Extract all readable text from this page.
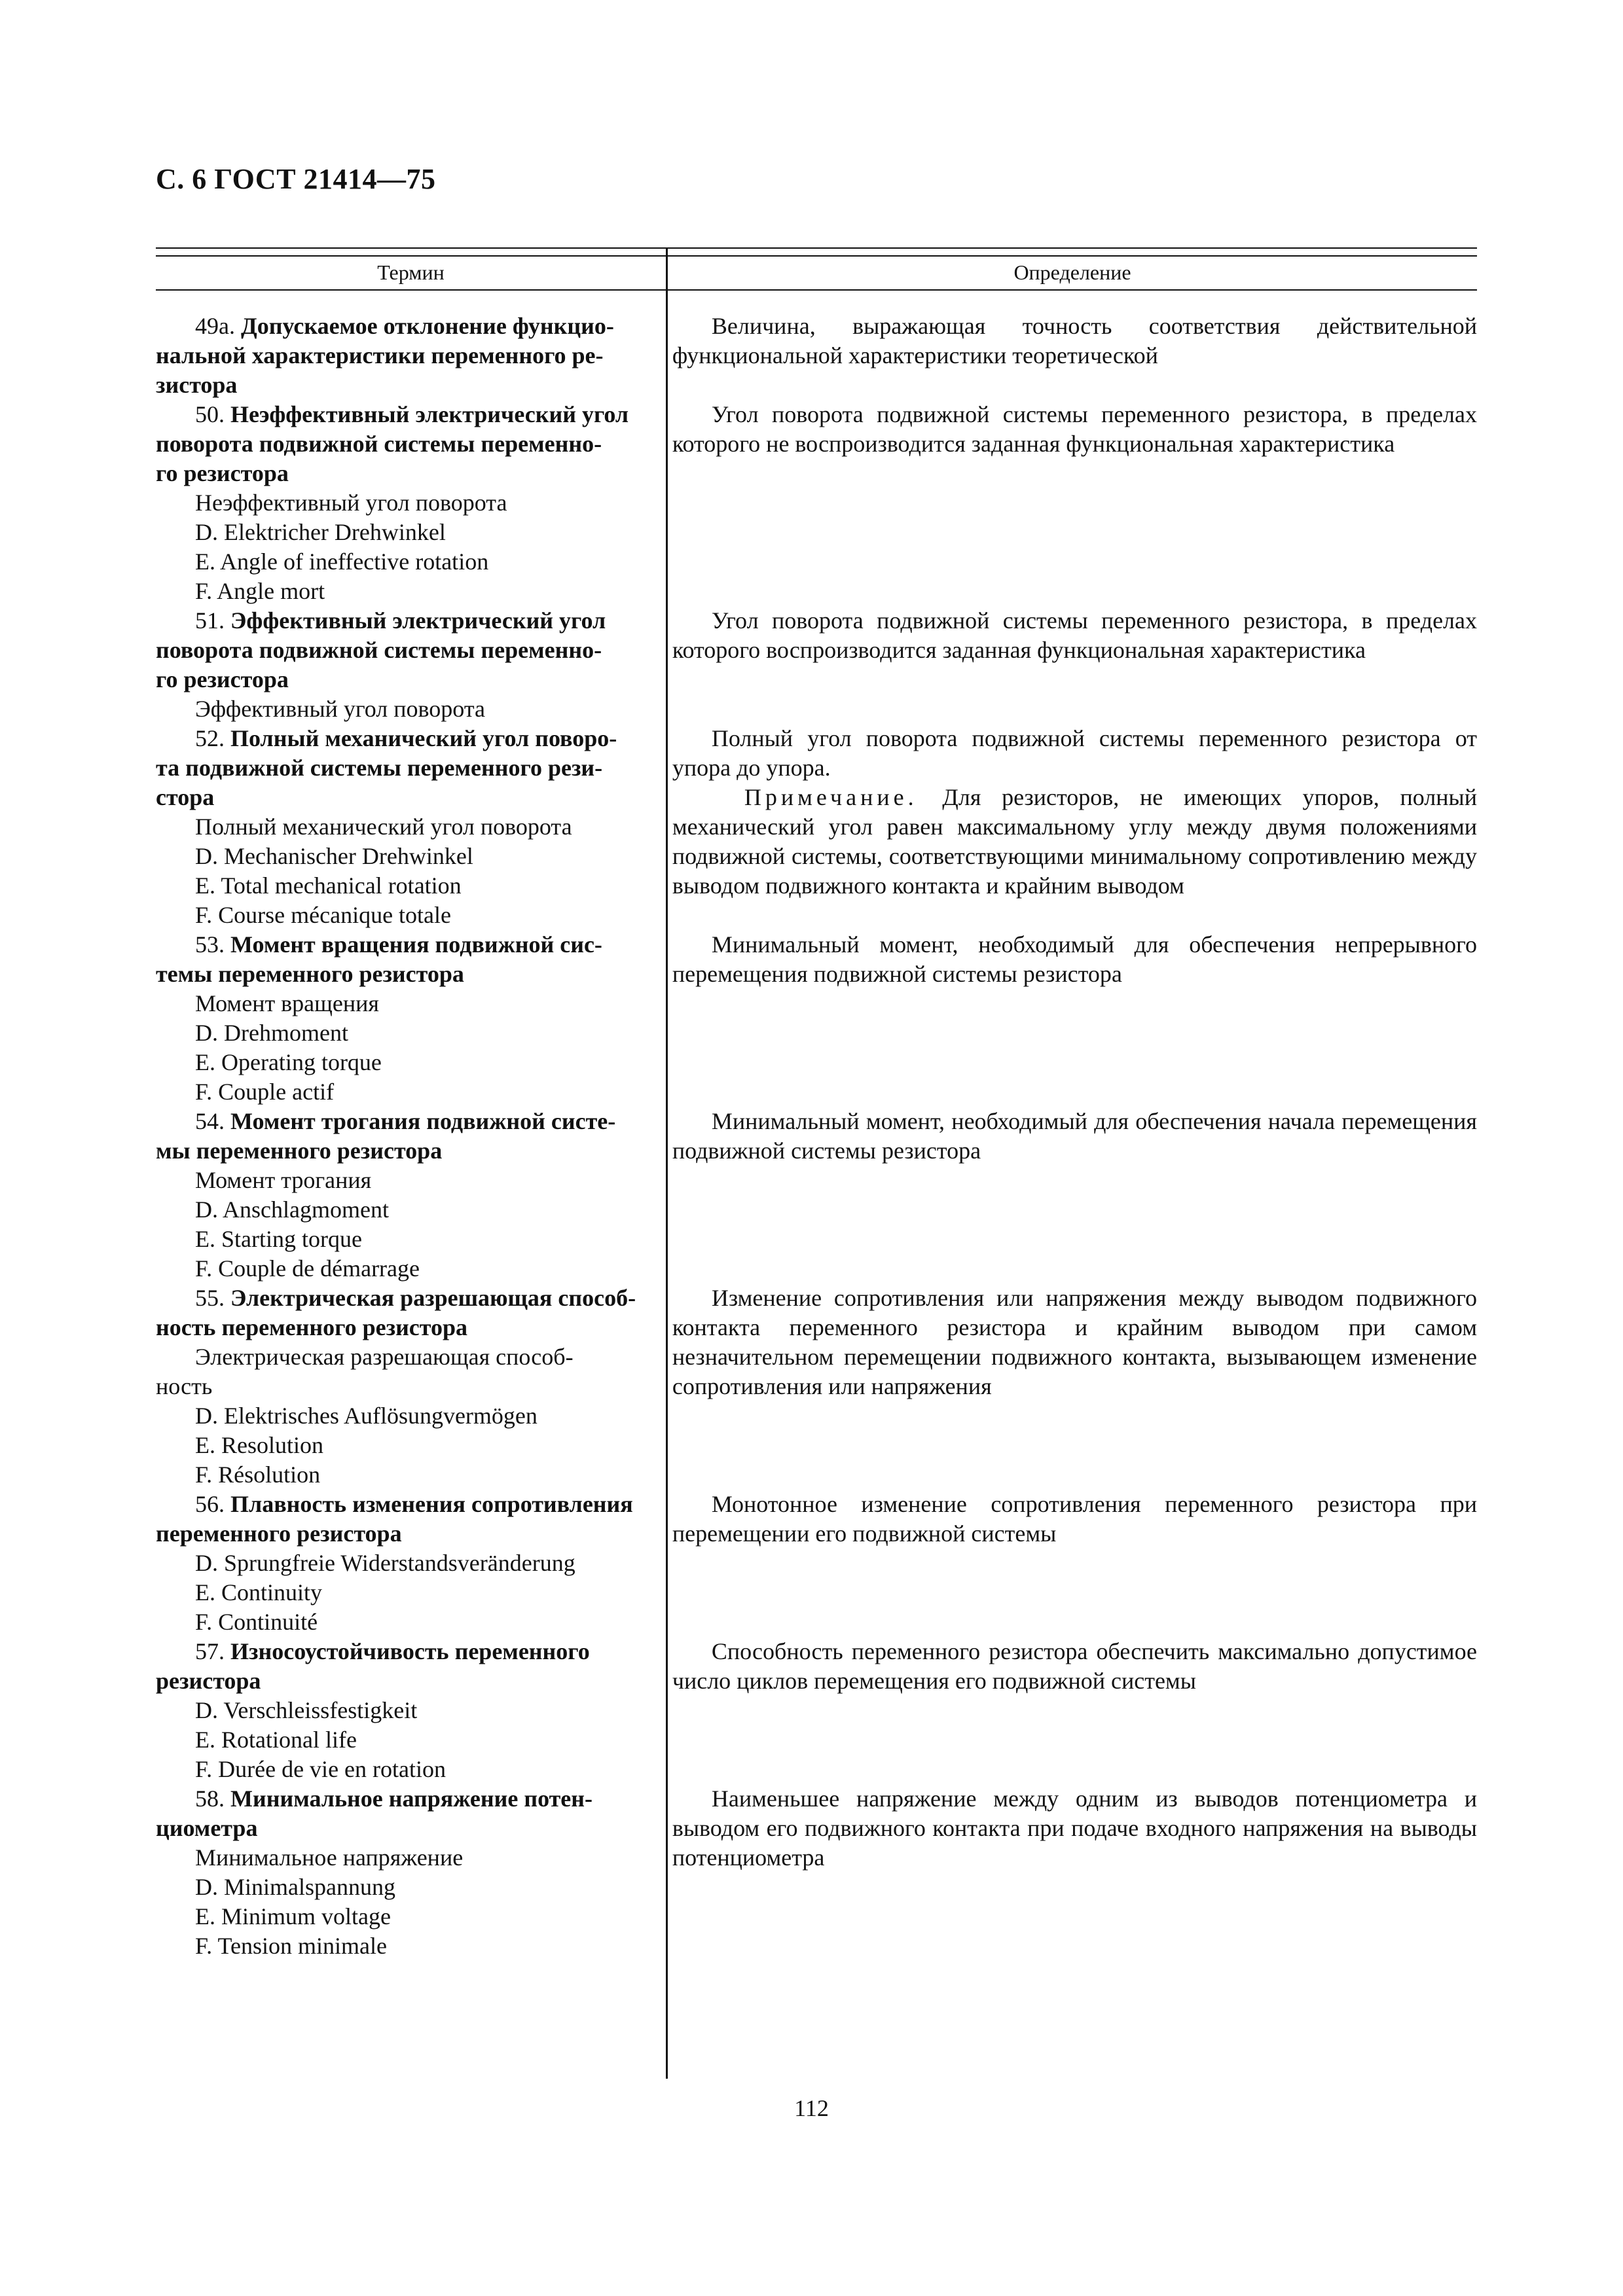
С. 6 ГОСТ 21414—75
Термин	Определение
49а. Допускаемое отклонение функцио-
нальной характеристики переменного ре-
зистора
Величина, выражающая точность соответствия действительной функциональной характеристики теоретической
50. Неэффективный электрический угол
поворота подвижной системы переменно-
го резистора
Неэффективный угол поворота
D. Elektricher Drehwinkel
E. Angle of ineffective rotation
F. Angle mort
Угол поворота подвижной системы переменного резистора, в пределах которого не воспроизводится заданная функциональная характеристика
51. Эффективный электрический угол
поворота подвижной системы переменно-
го резистора
Эффективный угол поворота
Угол поворота подвижной системы переменного резистора, в пределах которого воспроизводится заданная функциональная характеристика
52. Полный механический угол поворо-
та подвижной системы переменного рези-
стора
Полный механический угол поворота
D. Mechanischer Drehwinkel
E. Total mechanical rotation
F. Course mécanique totale
Полный угол поворота подвижной системы переменного резистора от упора до упора.
Примечание. Для резисторов, не имеющих упоров, полный механический угол равен максимальному углу между двумя положениями подвижной системы, соответствующими минимальному сопротивлению между выводом подвижного контакта и крайним выводом
53. Момент вращения подвижной сис-
темы переменного резистора
Момент вращения
D. Drehmoment
E. Operating torque
F. Couple actif
Минимальный момент, необходимый для обеспечения непрерывного перемещения подвижной системы резистора
54. Момент трогания подвижной систе-
мы переменного резистора
Момент трогания
D. Anschlagmoment
E. Starting torque
F. Couple de démarrage
Минимальный момент, необходимый для обеспечения начала перемещения подвижной системы резистора
55. Электрическая разрешающая способ-
ность переменного резистора
Электрическая разрешающая способ-
ность
D. Elektrisches Auflösungvermögen
E. Resolution
F. Résolution
Изменение сопротивления или напряжения между выводом подвижного контакта переменного резистора и крайним выводом при самом незначительном перемещении подвижного контакта, вызывающем изменение сопротивления или напряжения
56. Плавность изменения сопротивления
переменного резистора
D. Sprungfreie Widerstandsveränderung
E. Continuity
F. Continuité
Монотонное изменение сопротивления переменного резистора при перемещении его подвижной системы
57. Износоустойчивость переменного
резистора
D. Verschleissfestigkeit
E. Rotational life
F. Durée de vie en rotation
Способность переменного резистора обеспечить максимально допустимое число циклов перемещения его подвижной системы
58. Минимальное напряжение потен-
циометра
Минимальное напряжение
D. Minimalspannung
E. Minimum voltage
F. Tension minimale
Наименьшее напряжение между одним из выводов потенциометра и выводом его подвижного контакта при подаче входного напряжения на выводы потенциометра
112
